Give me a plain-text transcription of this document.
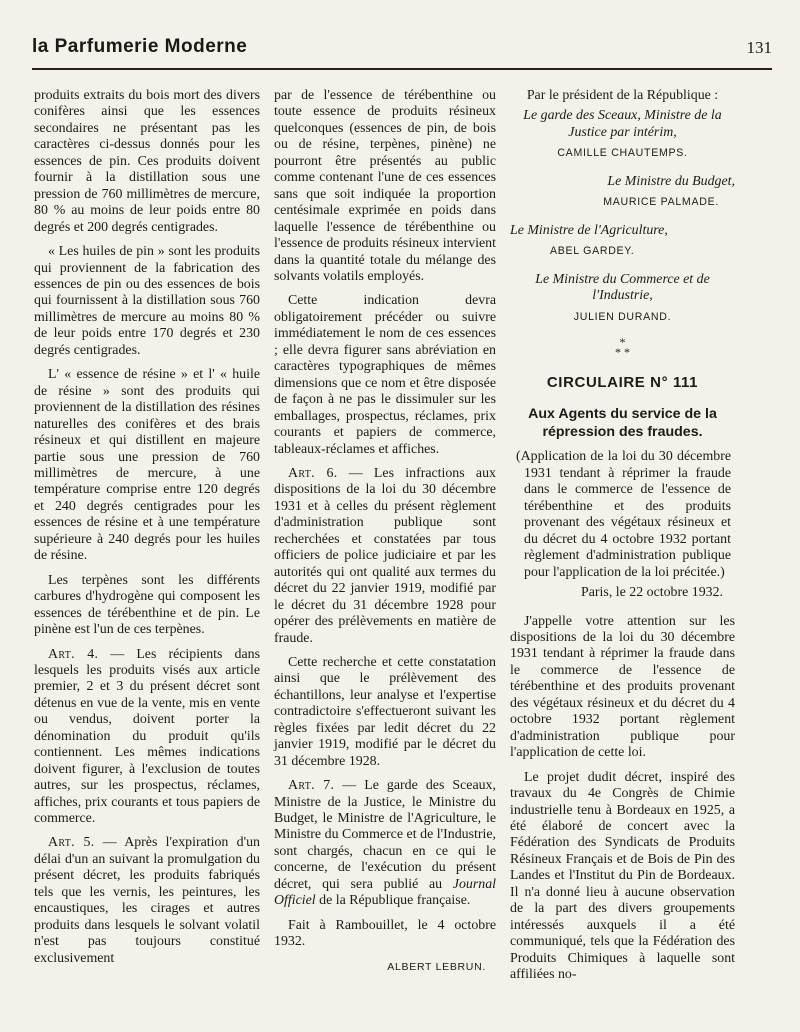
la Parfumerie Moderne	131

produits extraits du bois mort des divers conifères ainsi que les essences secondaires ne présentant pas les caractères ci-dessus donnés pour les essences de pin. Ces produits doivent fournir à la distillation sous une pression de 760 millimètres de mercure, 80 % au moins de leur poids entre 80 degrés et 200 degrés centigrades.

« Les huiles de pin » sont les produits qui proviennent de la fabrication des essences de pin ou des essences de bois qui fournissent à la distillation sous 760 millimètres de mercure au moins 80 % de leur poids entre 170 degrés et 230 degrés centigrades.

L' « essence de résine » et l' « huile de résine » sont des produits qui proviennent de la distillation des résines naturelles des conifères et des brais résineux et qui distillent en majeure partie sous une pression de 760 millimètres de mercure, à une température comprise entre 120 degrés et 240 degrés centigrades pour les essences de résine et à une température supérieure à 240 degrés pour les huiles de résine.

Les terpènes sont les différents carbures d'hydrogène qui composent les essences de térébenthine et de pin. Le pinène est l'un de ces terpènes.

Art. 4. — Les récipients dans lesquels les produits visés aux article premier, 2 et 3 du présent décret sont détenus en vue de la vente, mis en vente ou vendus, doivent porter la dénomination du produit qu'ils contiennent. Les mêmes indications doivent figurer, à l'exclusion de toutes autres, sur les prospectus, réclames, affiches, prix courants et tous papiers de commerce.

Art. 5. — Après l'expiration d'un délai d'un an suivant la promulgation du présent décret, les produits fabriqués tels que les vernis, les peintures, les encaustiques, les cirages et autres produits dans lesquels le solvant volatil n'est pas toujours constitué exclusivement

par de l'essence de térébenthine ou toute essence de produits résineux quelconques (essences de pin, de bois ou de résine, terpènes, pinène) ne pourront être présentés au public comme contenant l'une de ces essences sans que soit indiquée la proportion centésimale exprimée en poids dans laquelle l'essence de térébenthine ou l'essence de produits résineux intervient dans la quantité totale du mélange des solvants volatils employés.

Cette indication devra obligatoirement précéder ou suivre immédiatement le nom de ces essences ; elle devra figurer sans abréviation en caractères typographiques de mêmes dimensions que ce nom et être disposée de façon à ne pas le dissimuler sur les emballages, prospectus, réclames, prix courants et papiers de commerce, tableaux-réclames et affiches.

Art. 6. — Les infractions aux dispositions de la loi du 30 décembre 1931 et à celles du présent règlement d'administration publique sont recherchées et constatées par tous officiers de police judiciaire et par les autorités qui ont qualité aux termes du décret du 22 janvier 1919, modifié par le décret du 31 décembre 1928 pour opérer des prélèvements en matière de fraude.

Cette recherche et cette constatation ainsi que le prélèvement des échantillons, leur analyse et l'expertise contradictoire s'effectueront suivant les règles fixées par ledit décret du 22 janvier 1919, modifié par le décret du 31 décembre 1928.

Art. 7. — Le garde des Sceaux, Ministre de la Justice, le Ministre du Budget, le Ministre de l'Agriculture, le Ministre du Commerce et de l'Industrie, sont chargés, chacun en ce qui le concerne, de l'exécution du présent décret, qui sera publié au Journal Officiel de la République française.

Fait à Rambouillet, le 4 octobre 1932.

ALBERT LEBRUN.
Par le président de la République :
Le garde des Sceaux, Ministre de la Justice par intérim,
CAMILLE CHAUTEMPS.
Le Ministre du Budget,
MAURICE PALMADE.
Le Ministre de l'Agriculture,
ABEL GARDEY.
Le Ministre du Commerce et de l'Industrie,
JULIEN DURAND.
*
* *
CIRCULAIRE N° 111
Aux Agents du service de la répression des fraudes.
(Application de la loi du 30 décembre 1931 tendant à réprimer la fraude dans le commerce de l'essence de térébenthine et des produits provenant des végétaux résineux et du décret du 4 octobre 1932 portant règlement d'administration publique pour l'application de la loi précitée.)
Paris, le 22 octobre 1932.

J'appelle votre attention sur les dispositions de la loi du 30 décembre 1931 tendant à réprimer la fraude dans le commerce de l'essence de térébenthine et des produits provenant des végétaux résineux et du décret du 4 octobre 1932 portant règlement d'administration publique pour l'application de cette loi.

Le projet dudit décret, inspiré des travaux du 4e Congrès de Chimie industrielle tenu à Bordeaux en 1925, a été élaboré de concert avec la Fédération des Syndicats de Produits Résineux Français et de Bois de Pin des Landes et l'Institut du Pin de Bordeaux. Il n'a donné lieu à aucune observation de la part des divers groupements intéressés auxquels il a été communiqué, tels que la Fédération des Produits Chimiques à laquelle sont affiliées no-
